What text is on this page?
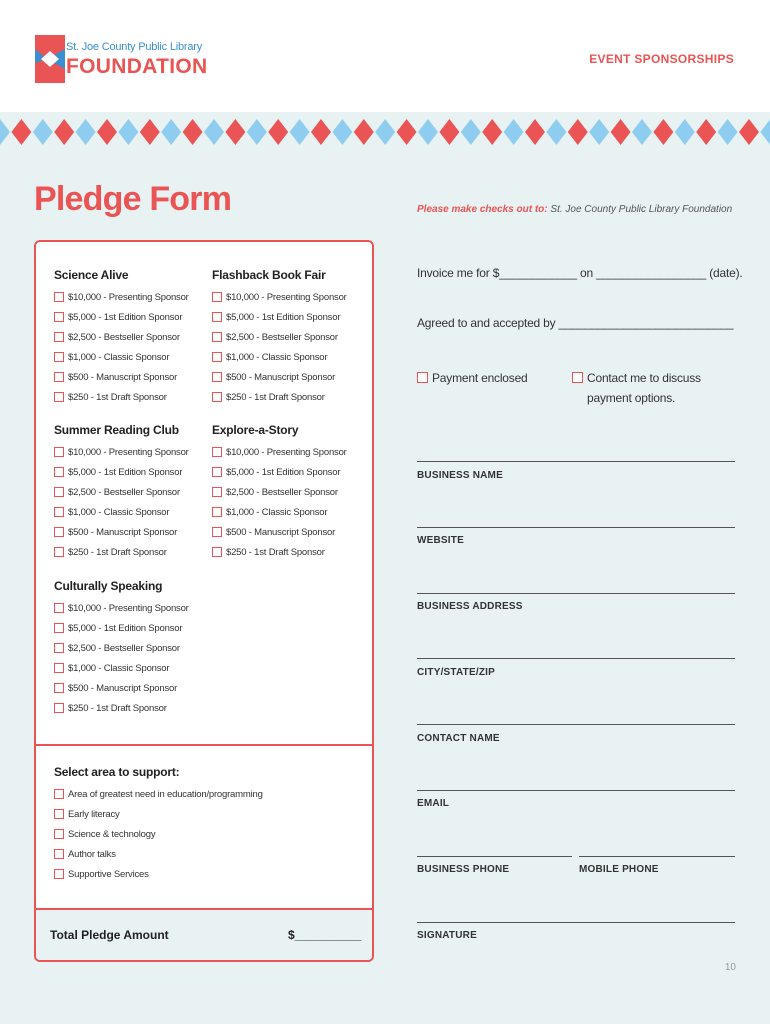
St. Joe County Public Library
FOUNDATION	EVENT SPONSORSHIPS
Pledge Form	Please make checks out to: St. Joe County Public Library Foundation
Science Alive
$10,000 - Presenting Sponsor
$5,000 - 1st Edition Sponsor
$2,500 - Bestseller Sponsor
$1,000 - Classic Sponsor
$500 - Manuscript Sponsor
$250 - 1st Draft Sponsor
Flashback Book Fair
$10,000 - Presenting Sponsor
$5,000 - 1st Edition Sponsor
$2,500 - Bestseller Sponsor
$1,000 - Classic Sponsor
$500 - Manuscript Sponsor
$250 - 1st Draft Sponsor
Summer Reading Club
$10,000 - Presenting Sponsor
$5,000 - 1st Edition Sponsor
$2,500 - Bestseller Sponsor
$1,000 - Classic Sponsor
$500 - Manuscript Sponsor
$250 - 1st Draft Sponsor
Explore-a-Story
$10,000 - Presenting Sponsor
$5,000 - 1st Edition Sponsor
$2,500 - Bestseller Sponsor
$1,000 - Classic Sponsor
$500 - Manuscript Sponsor
$250 - 1st Draft Sponsor
Culturally Speaking
$10,000 - Presenting Sponsor
$5,000 - 1st Edition Sponsor
$2,500 - Bestseller Sponsor
$1,000 - Classic Sponsor
$500 - Manuscript Sponsor
$250 - 1st Draft Sponsor
Select area to support:
Area of greatest need in education/programming
Early literacy
Science & technology
Author talks
Supportive Services
Total Pledge Amount	$__________
Invoice me for $____________ on _________________ (date).
Agreed to and accepted by ___________________________
Payment enclosed	Contact me to discuss
payment options.
BUSINESS NAME
WEBSITE
BUSINESS ADDRESS
CITY/STATE/ZIP
CONTACT NAME
EMAIL
BUSINESS PHONE	MOBILE PHONE
SIGNATURE
10
